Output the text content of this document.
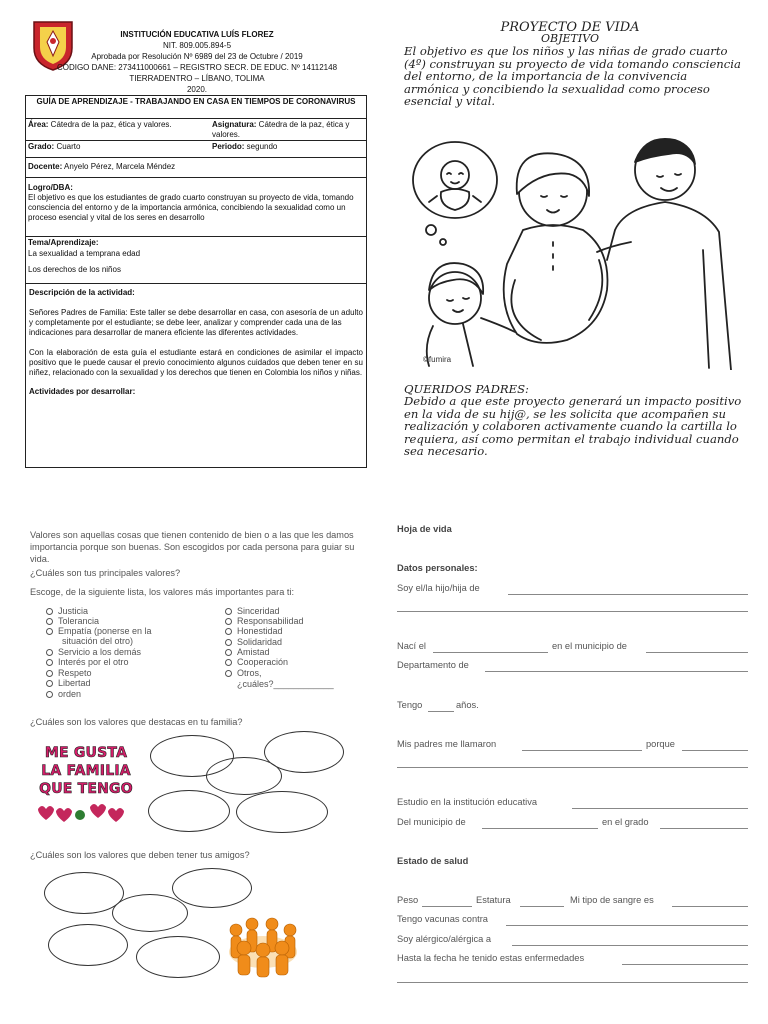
INSTITUCIÓN EDUCATIVA LUÍS FLOREZ
NIT. 809.005.894-5
Aprobada por Resolución Nº 6989 del 23 de Octubre / 2019
CÓDIGO DANE: 273411000661 – REGISTRO SECR. DE EDUC. Nº 14112148
TIERRADENTRO – LÍBANO, TOLIMA
2020.
GUÍA DE APRENDIZAJE - TRABAJANDO EN CASA EN TIEMPOS DE CORONAVIRUS
Área: Cátedra de la paz, ética y valores.	Asignatura: Cátedra de la paz, ética y valores.
Grado: Cuarto	Periodo: segundo
Docente: Anyelo Pérez, Marcela Méndez
Logro/DBA:
El objetivo es que los estudiantes de grado cuarto construyan su proyecto de vida, tomando consciencia del entorno y de la importancia armónica, concibiendo la sexualidad como un proceso esencial y vital de los seres en desarrollo
Tema/Aprendizaje:
La sexualidad a temprana edad
Los derechos de los niños
Descripción de la actividad:
Señores Padres de Familia: Este taller se debe desarrollar en casa, con asesoría de un adulto y completamente por el estudiante; se debe leer, analizar y comprender cada una de las indicaciones para desarrollar de manera eficiente las diferentes actividades.
Con la elaboración de esta guía el estudiante estará en condiciones de asimilar el impacto positivo que le puede causar el previo conocimiento algunos cuidados que deben tener en su niñez, relacionado con la sexualidad y los derechos que tienen en Colombia los niños y niñas.
Actividades por desarrollar:
PROYECTO DE VIDA
OBJETIVO
El objetivo es que los niños y las niñas de grado cuarto (4º) construyan su proyecto de vida tomando consciencia del entorno, de la importancia de la convivencia armónica y concibiendo la sexualidad como proceso esencial y vital.
©fumira
QUERIDOS PADRES:
Debido a que este proyecto generará un impacto positivo en la vida de su hij@, se les solicita que acompañen su realización y colaboren activamente cuando la cartilla lo requiera, así como permitan el trabajo individual cuando sea necesario.
Valores son aquellas cosas que tienen contenido de bien o a las que les damos importancia porque son buenas. Son escogidos por cada persona para guiar su vida.
¿Cuáles son tus principales valores?
Escoge, de la siguiente lista, los valores más importantes para ti:
Justicia
Tolerancia
Empatía (ponerse en la
situación del otro)
Servicio a los demás
Interés por el otro
Respeto
Libertad
orden
Sinceridad
Responsabilidad
Honestidad
Solidaridad
Amistad
Cooperación
Otros,
¿cuáles?____________
¿Cuáles son los valores que destacas en tu familia?
ME GUSTA
LA FAMILIA
QUE TENGO
¿Cuáles son los valores que deben tener tus amigos?
Hoja de vida
Datos personales:
Soy el/la hijo/hija de
Nací el	en el municipio de
Departamento de
Tengo	años.
Mis padres me llamaron	porque
Estudio en la institución educativa
Del municipio de	en el grado
Estado de salud
Peso	Estatura	Mi tipo de sangre es
Tengo vacunas contra
Soy alérgico/alérgica a
Hasta la fecha he tenido estas enfermedades
